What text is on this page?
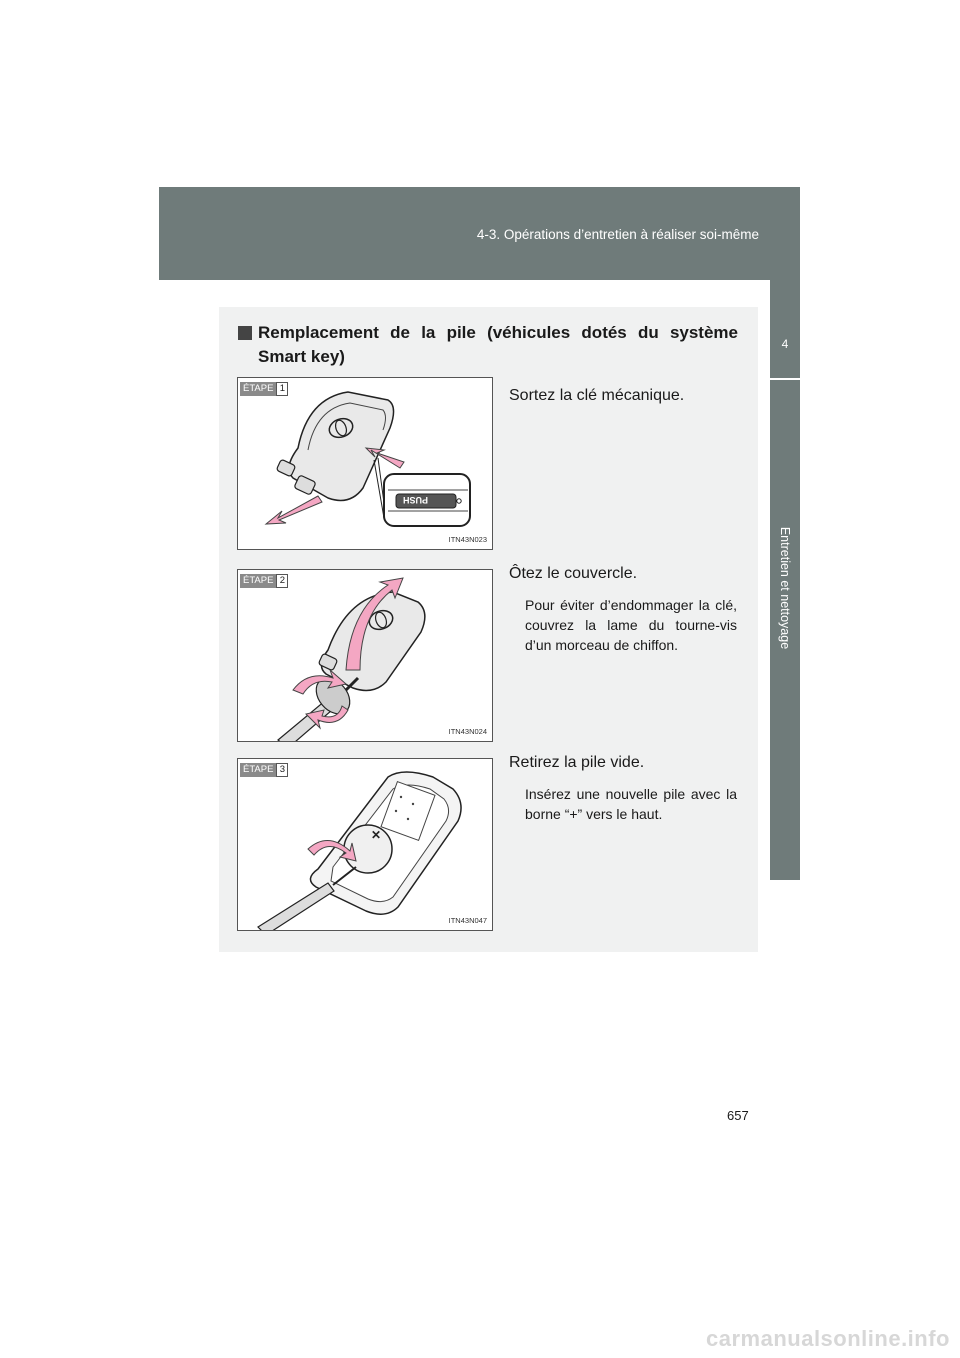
4-3. Opérations d’entretien à réaliser soi-même
4
Entretien et nettoyage
Remplacement de la pile (véhicules dotés du système
Smart key)
PUSH
ÉTAPE 1
ITN43N023
Sortez la clé mécanique.
ÉTAPE 2
ITN43N024
Ôtez le couvercle.
Pour éviter d’endommager la clé, couvrez la lame du tourne-vis d’un morceau de chiffon.
✕
ÉTAPE 3
ITN43N047
Retirez la pile vide.
Insérez une nouvelle pile avec la borne “+” vers le haut.
657
carmanualsonline.info
